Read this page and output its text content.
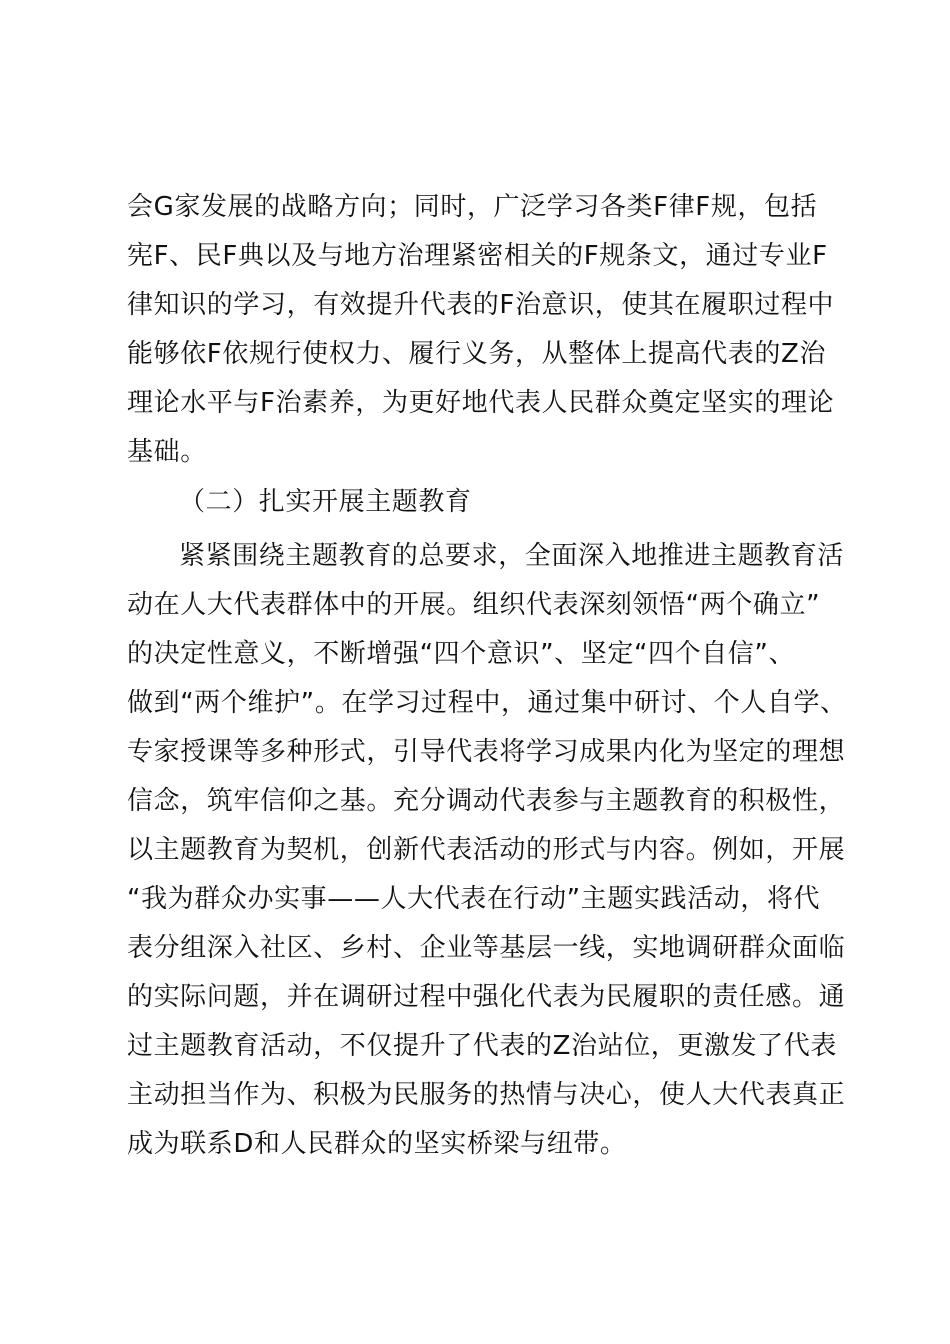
会G家发展的战略方向；同时，广泛学习各类F律F规，包括
宪F、民F典以及与地方治理紧密相关的F规条文，通过专业F
律知识的学习，有效提升代表的F治意识，使其在履职过程中
能够依F依规行使权力、履行义务，从整体上提高代表的Z治
理论水平与F治素养，为更好地代表人民群众奠定坚实的理论
基础。
（二）扎实开展主题教育
紧紧围绕主题教育的总要求，全面深入地推进主题教育活
动在人大代表群体中的开展。组织代表深刻领悟“两个确立”
的决定性意义，不断增强“四个意识”、坚定“四个自信”、
做到“两个维护”。在学习过程中，通过集中研讨、个人自学、
专家授课等多种形式，引导代表将学习成果内化为坚定的理想
信念，筑牢信仰之基。充分调动代表参与主题教育的积极性，
以主题教育为契机，创新代表活动的形式与内容。例如，开展
“我为群众办实事——人大代表在行动”主题实践活动，将代
表分组深入社区、乡村、企业等基层一线，实地调研群众面临
的实际问题，并在调研过程中强化代表为民履职的责任感。通
过主题教育活动，不仅提升了代表的Z治站位，更激发了代表
主动担当作为、积极为民服务的热情与决心，使人大代表真正
成为联系D和人民群众的坚实桥梁与纽带。
